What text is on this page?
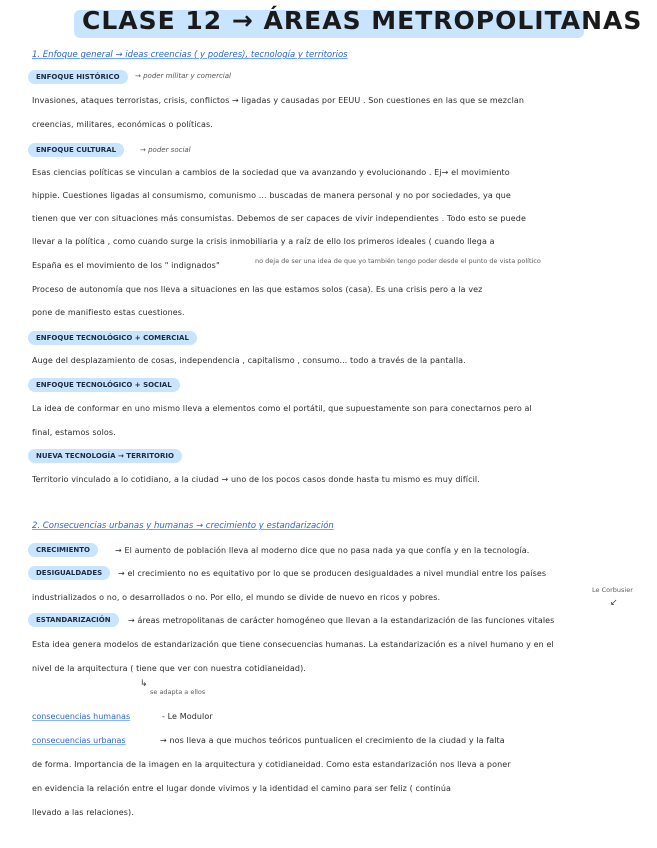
CLASE 12 → ÁREAS METROPOLITANAS
1. Enfoque general → ideas creencias ( y poderes), tecnología y territorios
ENFOQUE HISTÓRICO	→ poder militar y comercial
Invasiones, ataques terroristas, crisis, conflictos → ligadas y causadas por EEUU . Son cuestiones en las que se mezclan
creencias, militares, económicas o políticas.
ENFOQUE CULTURAL	→ poder social
Esas ciencias políticas se vinculan a cambios de la sociedad que va avanzando y evolucionando . Ej→ el movimiento
hippie. Cuestiones ligadas al consumismo, comunismo ... buscadas de manera personal y no por sociedades, ya que
tienen que ver con situaciones más consumistas. Debemos de ser capaces de vivir independientes . Todo esto se puede
llevar a la política , como cuando surge la crisis inmobiliaria y a raíz de ello los primeros ideales ( cuando llega a
España es el movimiento de los " indignados"	no deja de ser una idea de que yo también tengo poder desde el punto de vista político
Proceso de autonomía que nos lleva a situaciones en las que estamos solos (casa). Es una crisis pero a la vez
pone de manifiesto estas cuestiones.
ENFOQUE TECNOLÓGICO + COMERCIAL
Auge del desplazamiento de cosas, independencia , capitalismo , consumo... todo a través de la pantalla.
ENFOQUE TECNOLÓGICO + SOCIAL
La idea de conformar en uno mismo lleva a elementos como el portátil, que supuestamente son para conectarnos pero al
final, estamos solos.
NUEVA TECNOLOGÍA → TERRITORIO
Territorio vinculado a lo cotidiano, a la ciudad → uno de los pocos casos donde hasta tu mismo es muy difícil.
2. Consecuencias urbanas y humanas → crecimiento y estandarización
CRECIMIENTO	→ El aumento de población lleva al moderno dice que no pasa nada ya que confía y en la tecnología.
DESIGUALDADES	→ el crecimiento no es equitativo por lo que se producen desigualdades a nivel mundial entre los países
industrializados o no, o desarrollados o no. Por ello, el mundo se divide de nuevo en ricos y pobres.
Le Corbusier
↙
ESTANDARIZACIÓN	→ áreas metropolitanas de carácter homogéneo que llevan a la estandarización de las funciones vitales
Esta idea genera modelos de estandarización que tiene consecuencias humanas. La estandarización es a nivel humano y en el
nivel de la arquitectura ( tiene que ver con nuestra cotidianeidad).
↳
se adapta a ellos
consecuencias humanas	- Le Modulor
consecuencias urbanas	→ nos lleva a que muchos teóricos puntualicen el crecimiento de la ciudad y la falta
de forma. Importancia de la imagen en la arquitectura y cotidianeidad. Como esta estandarización nos lleva a poner
en evidencia la relación entre el lugar donde vivimos y la identidad el camino para ser feliz ( continúa
llevado a las relaciones).
